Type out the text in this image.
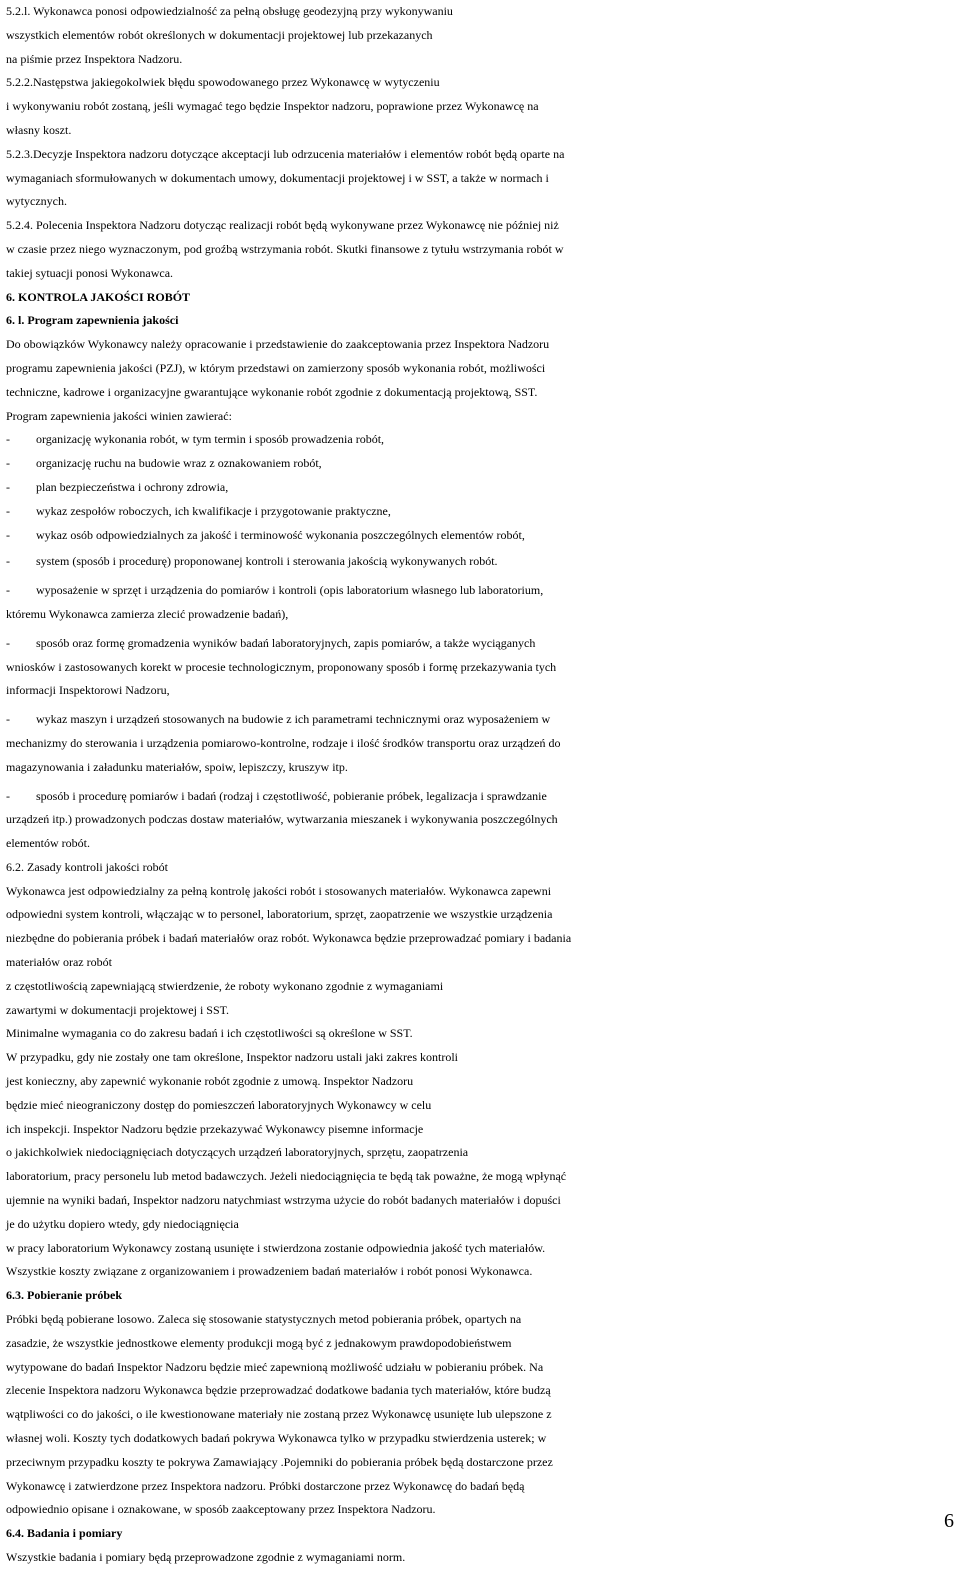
5.2.l. Wykonawca ponosi odpowiedzialność za pełną obsługę geodezyjną przy wykonywaniu
wszystkich elementów robót określonych w dokumentacji projektowej lub przekazanych
na piśmie przez Inspektora Nadzoru.
5.2.2.Następstwa jakiegokolwiek błędu spowodowanego przez Wykonawcę w wytyczeniu
i wykonywaniu robót zostaną, jeśli wymagać tego będzie Inspektor nadzoru, poprawione przez Wykonawcę na
własny koszt.
5.2.3.Decyzje Inspektora nadzoru dotyczące akceptacji lub odrzucenia materiałów i elementów robót będą oparte na
wymaganiach sformułowanych w dokumentach umowy, dokumentacji projektowej i w SST, a także w normach i
wytycznych.
5.2.4. Polecenia Inspektora Nadzoru dotycząc realizacji robót będą wykonywane przez Wykonawcę nie później niż
w czasie przez niego wyznaczonym, pod groźbą wstrzymania robót. Skutki finansowe z tytułu wstrzymania robót w
takiej sytuacji ponosi Wykonawca.
6. KONTROLA JAKOŚCI ROBÓT
6. l. Program zapewnienia jakości
Do obowiązków Wykonawcy należy opracowanie i przedstawienie do zaakceptowania przez Inspektora Nadzoru
programu zapewnienia jakości (PZJ), w którym przedstawi on zamierzony sposób wykonania robót, możliwości
techniczne, kadrowe i organizacyjne gwarantujące wykonanie robót zgodnie z dokumentacją projektową, SST.
Program zapewnienia jakości winien zawierać:
- organizację wykonania robót, w tym termin i sposób prowadzenia robót,
- organizację ruchu na budowie wraz z oznakowaniem robót,
- plan bezpieczeństwa i ochrony zdrowia,
- wykaz zespołów roboczych, ich kwalifikacje i przygotowanie praktyczne,
- wykaz osób odpowiedzialnych za jakość i terminowość wykonania poszczególnych elementów robót,
- system (sposób i procedurę) proponowanej kontroli i sterowania jakością wykonywanych robót.
- wyposażenie w sprzęt i urządzenia do pomiarów i kontroli (opis laboratorium własnego lub laboratorium,
któremu Wykonawca zamierza zlecić prowadzenie badań),
- sposób oraz formę gromadzenia wyników badań laboratoryjnych, zapis pomiarów, a także wyciąganych
wniosków i zastosowanych korekt w procesie technologicznym, proponowany sposób i formę przekazywania tych
informacji Inspektorowi Nadzoru,
- wykaz maszyn i urządzeń stosowanych na budowie z ich parametrami technicznymi oraz wyposażeniem w
mechanizmy do sterowania i urządzenia pomiarowo-kontrolne, rodzaje i ilość środków transportu oraz urządzeń do
magazynowania i załadunku materiałów, spoiw, lepiszczy, kruszyw itp.
- sposób i procedurę pomiarów i badań (rodzaj i częstotliwość, pobieranie próbek, legalizacja i sprawdzanie
urządzeń itp.) prowadzonych podczas dostaw materiałów, wytwarzania mieszanek i wykonywania poszczególnych
elementów robót.
6.2. Zasady kontroli jakości robót
Wykonawca jest odpowiedzialny za pełną kontrolę jakości robót i stosowanych materiałów. Wykonawca zapewni
odpowiedni system kontroli, włączając w to personel, laboratorium, sprzęt, zaopatrzenie we wszystkie urządzenia
niezbędne do pobierania próbek i badań materiałów oraz robót. Wykonawca będzie przeprowadzać pomiary i badania
materiałów oraz robót
z częstotliwością zapewniającą stwierdzenie, że roboty wykonano zgodnie z wymaganiami
zawartymi w dokumentacji projektowej i SST.
Minimalne wymagania co do zakresu badań i ich częstotliwości są określone w SST.
W przypadku, gdy nie zostały one tam określone, Inspektor nadzoru ustali jaki zakres kontroli
jest konieczny, aby zapewnić wykonanie robót zgodnie z umową. Inspektor Nadzoru
będzie mieć nieograniczony dostęp do pomieszczeń laboratoryjnych Wykonawcy w celu
ich inspekcji. Inspektor Nadzoru będzie przekazywać Wykonawcy pisemne informacje
o jakichkolwiek niedociągnięciach dotyczących urządzeń laboratoryjnych, sprzętu, zaopatrzenia
laboratorium, pracy personelu lub metod badawczych. Jeżeli niedociągnięcia te będą tak poważne, że mogą wpłynąć
ujemnie na wyniki badań, Inspektor nadzoru natychmiast wstrzyma użycie do robót badanych materiałów i dopuści
je do użytku dopiero wtedy, gdy niedociągnięcia
w pracy laboratorium Wykonawcy zostaną usunięte i stwierdzona zostanie odpowiednia jakość tych materiałów.
Wszystkie koszty związane z organizowaniem i prowadzeniem badań materiałów i robót ponosi Wykonawca.
6.3. Pobieranie próbek
Próbki będą pobierane losowo. Zaleca się stosowanie statystycznych metod pobierania próbek, opartych na
zasadzie, że wszystkie jednostkowe elementy produkcji mogą być z jednakowym prawdopodobieństwem
wytypowane do badań Inspektor Nadzoru będzie mieć zapewnioną możliwość udziału w pobieraniu próbek. Na
zlecenie Inspektora nadzoru Wykonawca będzie przeprowadzać dodatkowe badania tych materiałów, które budzą
wątpliwości co do jakości, o ile kwestionowane materiały nie zostaną przez Wykonawcę usunięte lub ulepszone z
własnej woli. Koszty tych dodatkowych badań pokrywa Wykonawca tylko w przypadku stwierdzenia usterek; w
przeciwnym przypadku koszty te pokrywa Zamawiający .Pojemniki do pobierania próbek będą dostarczone przez
Wykonawcę i zatwierdzone przez Inspektora nadzoru. Próbki dostarczone przez Wykonawcę do badań będą
odpowiednio opisane i oznakowane, w sposób zaakceptowany przez Inspektora Nadzoru.
6.4. Badania i pomiary
Wszystkie badania i pomiary będą przeprowadzone zgodnie z wymaganiami norm.
6
